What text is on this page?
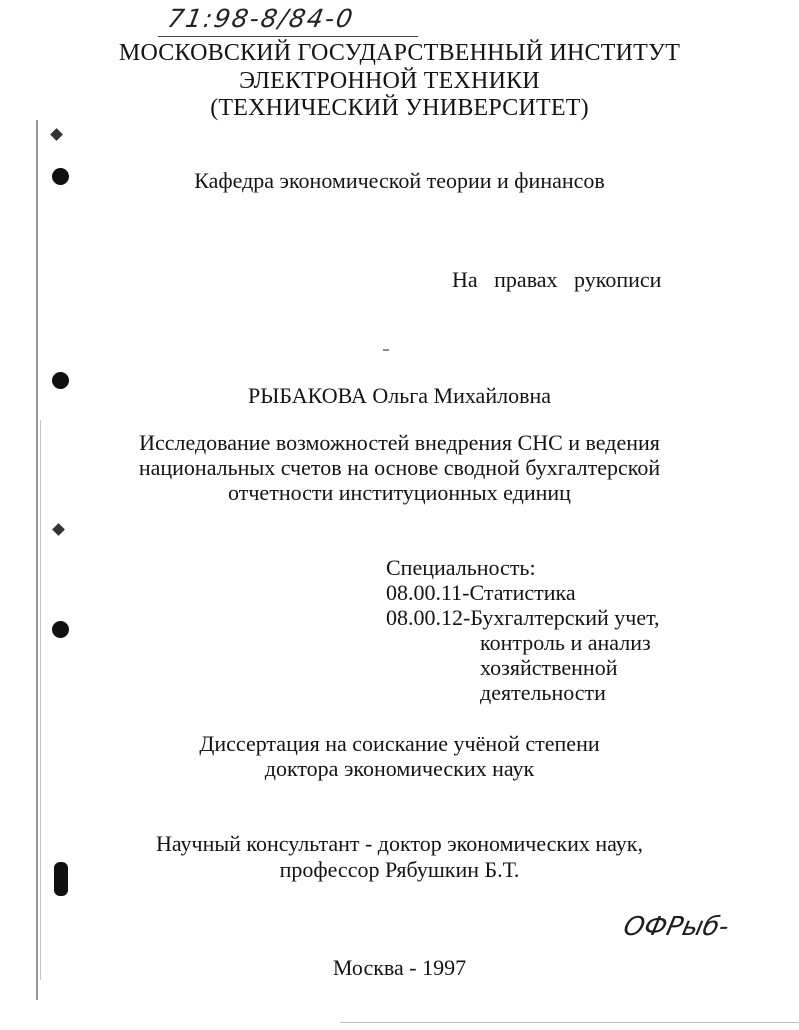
71:98-8/84-0
МОСКОВСКИЙ ГОСУДАРСТВЕННЫЙ ИНСТИТУТ
ЭЛЕКТРОННОЙ ТЕХНИКИ
(ТЕХНИЧЕСКИЙ УНИВЕРСИТЕТ)
Кафедра экономической теории и финансов
На   правах   рукописи
РЫБАКОВА Ольга Михайловна
Исследование возможностей внедрения СНС и ведения
национальных счетов на основе сводной бухгалтерской
отчетности институционных единиц
Специальность:
08.00.11-Статистика
08.00.12-Бухгалтерский учет,
контроль и анализ
хозяйственной
деятельности
Диссертация на соискание учёной степени
доктора экономических наук
Научный консультант - доктор экономических наук,
профессор Рябушкин Б.Т.
ОФРыб-
Москва - 1997
